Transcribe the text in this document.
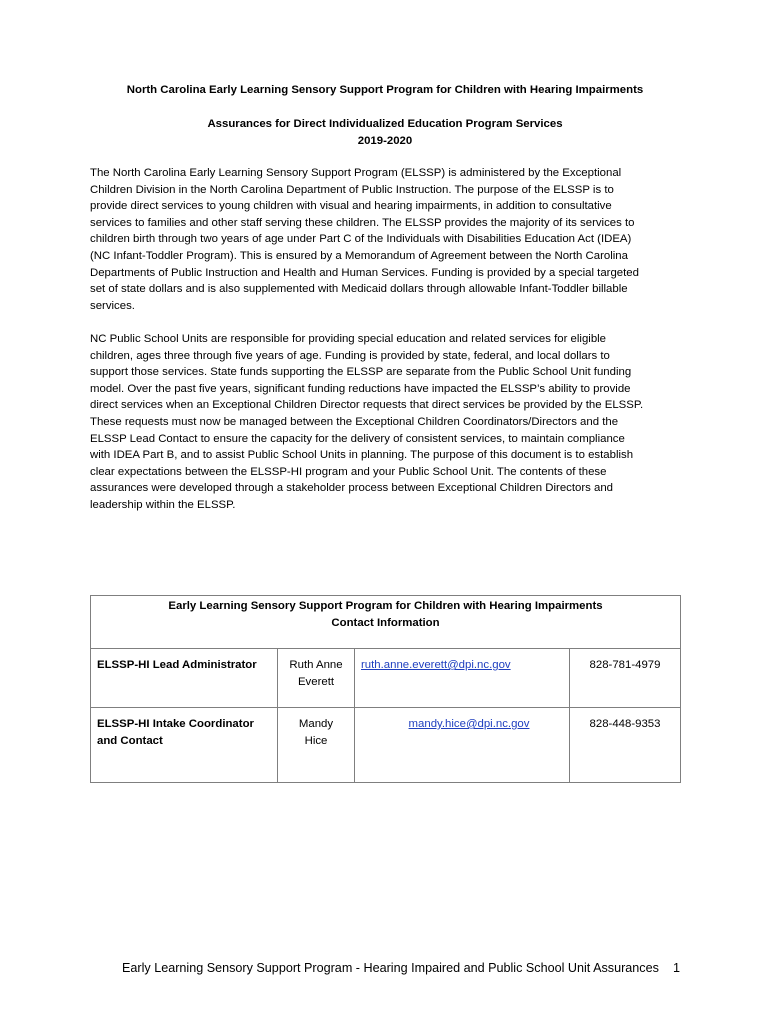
North Carolina Early Learning Sensory Support Program for Children with Hearing Impairments
Assurances for Direct Individualized Education Program Services
2019-2020
The North Carolina Early Learning Sensory Support Program (ELSSP) is administered by the Exceptional
Children Division in the North Carolina Department of Public Instruction. The purpose of the ELSSP is to
provide direct services to young children with visual and hearing impairments, in addition to consultative
services to families and other staff serving these children. The ELSSP provides the majority of its services to
children birth through two years of age under Part C of the Individuals with Disabilities Education Act (IDEA)
(NC Infant-Toddler Program). This is ensured by a Memorandum of Agreement between the North Carolina
Departments of Public Instruction and Health and Human Services. Funding is provided by a special targeted
set of state dollars and is also supplemented with Medicaid dollars through allowable Infant-Toddler billable
services.
NC Public School Units are responsible for providing special education and related services for eligible
children, ages three through five years of age. Funding is provided by state, federal, and local dollars to
support those services. State funds supporting the ELSSP are separate from the Public School Unit funding
model. Over the past five years, significant funding reductions have impacted the ELSSP’s ability to provide
direct services when an Exceptional Children Director requests that direct services be provided by the ELSSP.
These requests must now be managed between the Exceptional Children Coordinators/Directors and the
ELSSP Lead Contact to ensure the capacity for the delivery of consistent services, to maintain compliance
with IDEA Part B, and to assist Public School Units in planning. The purpose of this document is to establish
clear expectations between the ELSSP-HI program and your Public School Unit. The contents of these
assurances were developed through a stakeholder process between Exceptional Children Directors and
leadership within the ELSSP.
Early Learning Sensory Support Program for Children with Hearing Impairments
Contact Information			

ELSSP-HI Lead Administrator	Ruth Anne
Everett	ruth.anne.everett@dpi.nc.gov	828-781-4979

ELSSP-HI Intake Coordinator
and Contact	Mandy
Hice	mandy.hice@dpi.nc.gov	828-448-9353
Early Learning Sensory Support Program - Hearing Impaired and Public School Unit Assurances 1
